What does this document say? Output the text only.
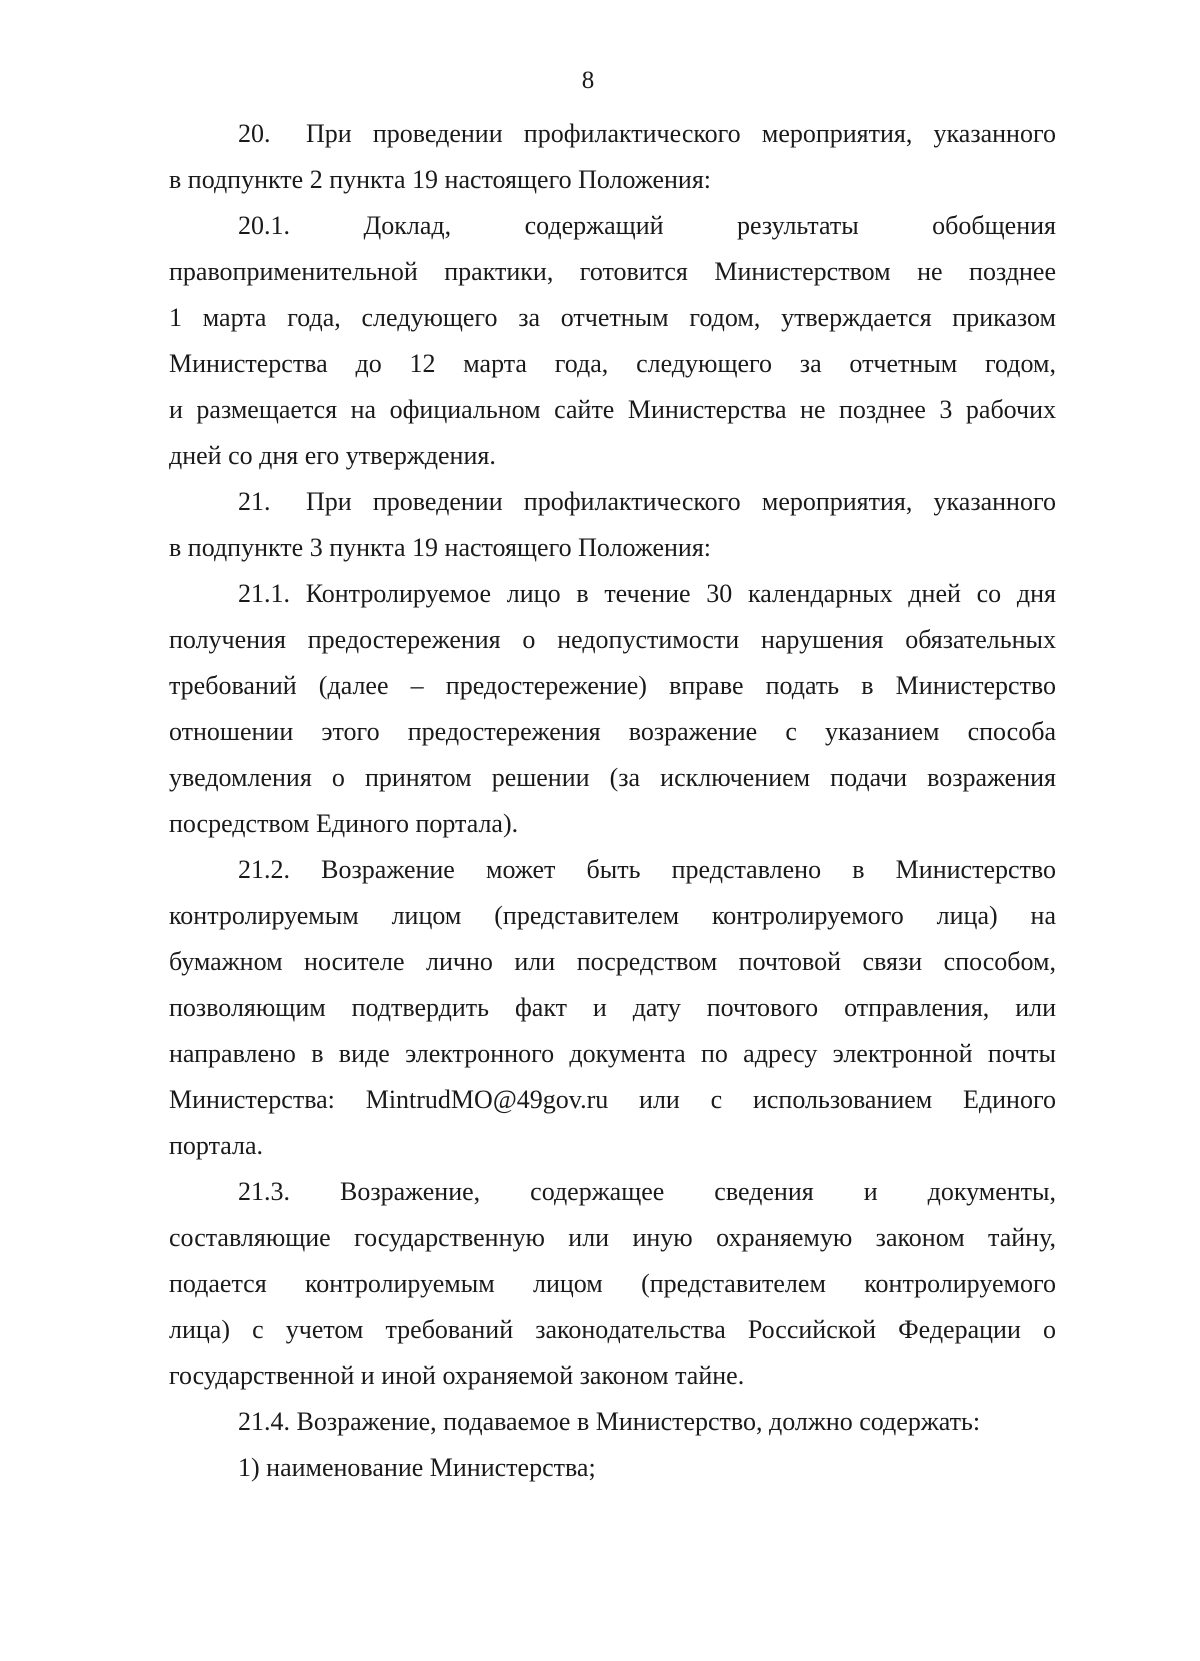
8
20. При проведении профилактического мероприятия, указанного
в подпункте 2 пункта 19 настоящего Положения:
20.1. Доклад, содержащий результаты обобщения
правоприменительной практики, готовится Министерством не позднее
1 марта года, следующего за отчетным годом, утверждается приказом
Министерства до 12 марта года, следующего за отчетным годом,
и размещается на официальном сайте Министерства не позднее 3 рабочих
дней со дня его утверждения.
21. При проведении профилактического мероприятия, указанного
в подпункте 3 пункта 19 настоящего Положения:
21.1. Контролируемое лицо в течение 30 календарных дней со дня
получения предостережения о недопустимости нарушения обязательных
требований (далее – предостережение) вправе подать в Министерство
отношении этого предостережения возражение с указанием способа
уведомления о принятом решении (за исключением подачи возражения
посредством Единого портала).
21.2. Возражение может быть представлено в Министерство
контролируемым лицом (представителем контролируемого лица) на
бумажном носителе лично или посредством почтовой связи способом,
позволяющим подтвердить факт и дату почтового отправления, или
направлено в виде электронного документа по адресу электронной почты
Министерства: MintrudMO@49gov.ru или с использованием Единого
портала.
21.3. Возражение, содержащее сведения и документы,
составляющие государственную или иную охраняемую законом тайну,
подается контролируемым лицом (представителем контролируемого
лица) с учетом требований законодательства Российской Федерации о
государственной и иной охраняемой законом тайне.
21.4. Возражение, подаваемое в Министерство, должно содержать:
1) наименование Министерства;
